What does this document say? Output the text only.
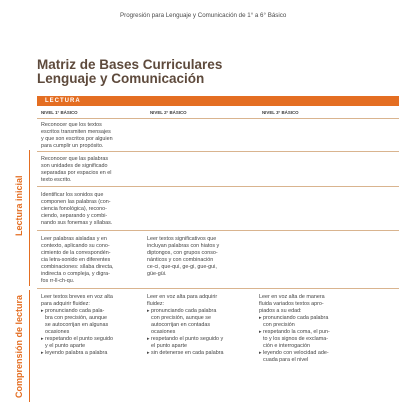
Progresión para Lenguaje y Comunicación de 1° a 6° Básico
Matriz de Bases Curriculares
Lenguaje y Comunicación
LECTURA
NIVEL 1° BÁSICO	NIVEL 2° BÁSICO	NIVEL 3° BÁSICO
Lectura inicial
Comprensión de lectura
Reconocer que los textos
escritos transmiten mensajes
y que son escritos por alguien
para cumplir un propósito.
Reconocer que las palabras
son unidades de significado
separadas por espacios en el
texto escrito.
Identificar los sonidos que
componen las palabras (con-
ciencia fonológica), recono-
ciendo, separando y combi-
nando sus fonemas y sílabas.
Leer palabras aisladas y en
contexto, aplicando su cono-
cimiento de la correspondén-
cia letra-sonido en diferentes
combinaciones: sílaba directa,
indirecta o compleja, y digra-
fos rr-ll-ch-qu.
Leer textos significativos que
incluyan palabras con hiatos y
diptongos, con grupos conso-
nánticos y con combinación
ce-ci, que-qui, ge-gi, gue-gui,
güe-güi.
Leer textos breves en voz alta
para adquirir fluidez:
▸ pronunciando cada pala-
bra con precisión, aunque
se autocorrijan en algunas
ocasiones
▸ respetando el punto seguido
y el punto aparte
▸ leyendo palabra a palabra
Leer en voz alta para adquirir
fluidez:
▸ pronunciando cada palabra
con precisión, aunque se
autocorrijan en contadas
ocasiones
▸ respetando el punto seguido y
el punto aparte
▸ sin detenerse en cada palabra
Leer en voz alta de manera
fluida variados textos apro-
piados a su edad:
▸ pronunciando cada palabra
con precisión
▸ respetando la coma, el pun-
to y los signos de exclama-
ción e interrogación
▸ leyendo con velocidad ade-
cuada para el nivel
